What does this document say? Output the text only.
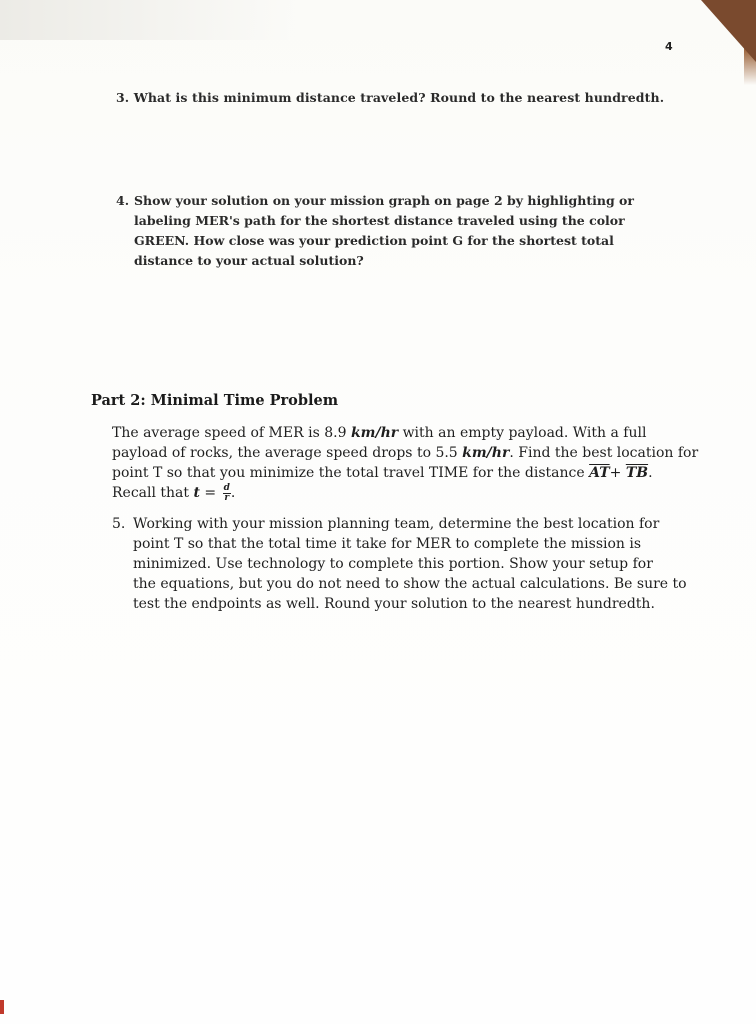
4
3. What is this minimum distance traveled? Round to the nearest hundredth.
4. Show your solution on your mission graph on page 2 by highlighting or
labeling MER's path for the shortest distance traveled using the color
GREEN. How close was your prediction point G for the shortest total
distance to your actual solution?
Part 2: Minimal Time Problem
The average speed of MER is 8.9 km/hr with an empty payload. With a full
payload of rocks, the average speed drops to 5.5 km/hr. Find the best location for
point T so that you minimize the total travel TIME for the distance $\overline{AT}+ \overline{TB}$.
Recall that $t = \frac{d}{r}$ .
5. Working with your mission planning team, determine the best location for
point T so that the total time it take for MER to complete the mission is
minimized. Use technology to complete this portion. Show your setup for
the equations, but you do not need to show the actual calculations. Be sure to
test the endpoints as well. Round your solution to the nearest hundredth.
